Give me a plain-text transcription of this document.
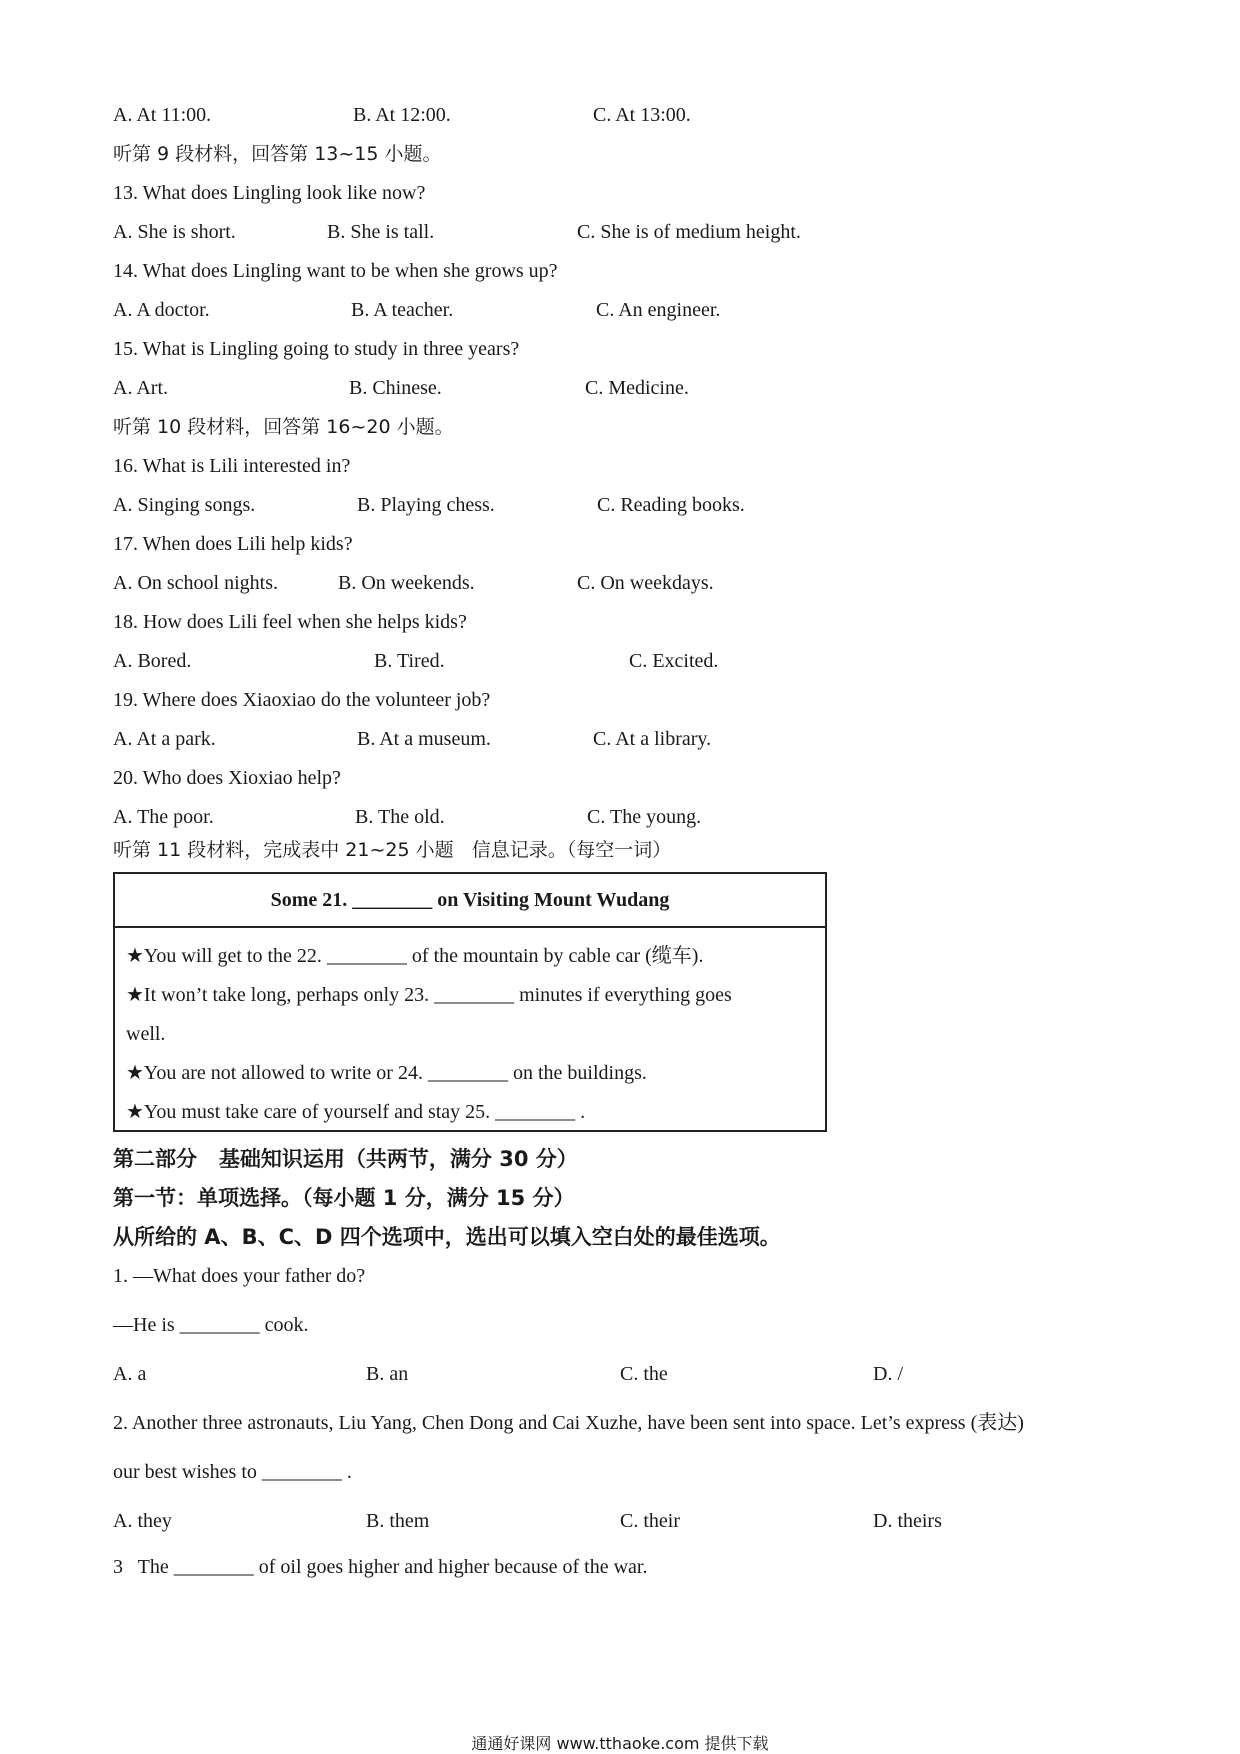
A. At 11:00.	B. At 12:00.	C. At 13:00.
听第 9 段材料，回答第 13~15 小题。
13. What does Lingling look like now?
A. She is short.	B. She is tall.	C. She is of medium height.
14. What does Lingling want to be when she grows up?
A. A doctor.	B. A teacher.	C. An engineer.
15. What is Lingling going to study in three years?
A. Art.	B. Chinese.	C. Medicine.
听第 10 段材料，回答第 16~20 小题。
16. What is Lili interested in?
A. Singing songs.	B. Playing chess.	C. Reading books.
17. When does Lili help kids?
A. On school nights.	B. On weekends.	C. On weekdays.
18. How does Lili feel when she helps kids?
A. Bored.	B. Tired.	C. Excited.
19. Where does Xiaoxiao do the volunteer job?
A. At a park.	B. At a museum.	C. At a library.
20. Who does Xioxiao help?
A. The poor.	B. The old.	C. The young.
听第 11 段材料，完成表中 21~25 小题   信息记录。（每空一词）
Some 21. ________ on Visiting Mount Wudang
★You will get to the 22. ________ of the mountain by cable car (缆车).
★It won’t take long, perhaps only 23. ________ minutes if everything goes
well.
★You are not allowed to write or 24. ________ on the buildings.
★You must take care of yourself and stay 25. ________ .
第二部分   基础知识运用（共两节，满分 30 分）
第一节：单项选择。（每小题 1 分，满分 15 分）
从所给的 A、B、C、D 四个选项中，选出可以填入空白处的最佳选项。
1. —What does your father do?
—He is ________ cook.
A. a	B. an	C. the	D. /
2. Another three astronauts, Liu Yang, Chen Dong and Cai Xuzhe, have been sent into space. Let’s express (表达)
our best wishes to ________ .
A. they	B. them	C. their	D. theirs
3   The ________ of oil goes higher and higher because of the war.
通通好课网 www.tthaoke.com 提供下载
